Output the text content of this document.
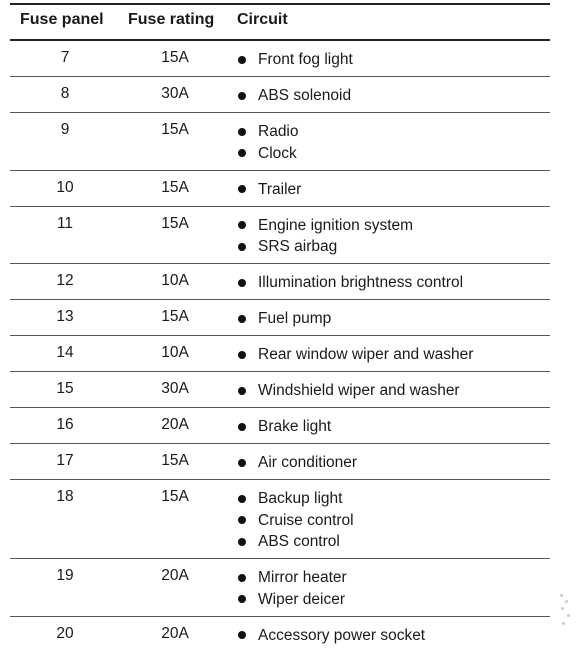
Fuse panel Fuse rating Circuit
7	15A	Front fog light
8	30A	ABS solenoid
9	15A	Radio
Clock
10	15A	Trailer
11	15A	Engine ignition system
SRS airbag
12	10A	Illumination brightness control
13	15A	Fuel pump
14	10A	Rear window wiper and washer
15	30A	Windshield wiper and washer
16	20A	Brake light
17	15A	Air conditioner
18	15A	Backup light
Cruise control
ABS control
19	20A	Mirror heater
Wiper deicer
20	20A	Accessory power socket
